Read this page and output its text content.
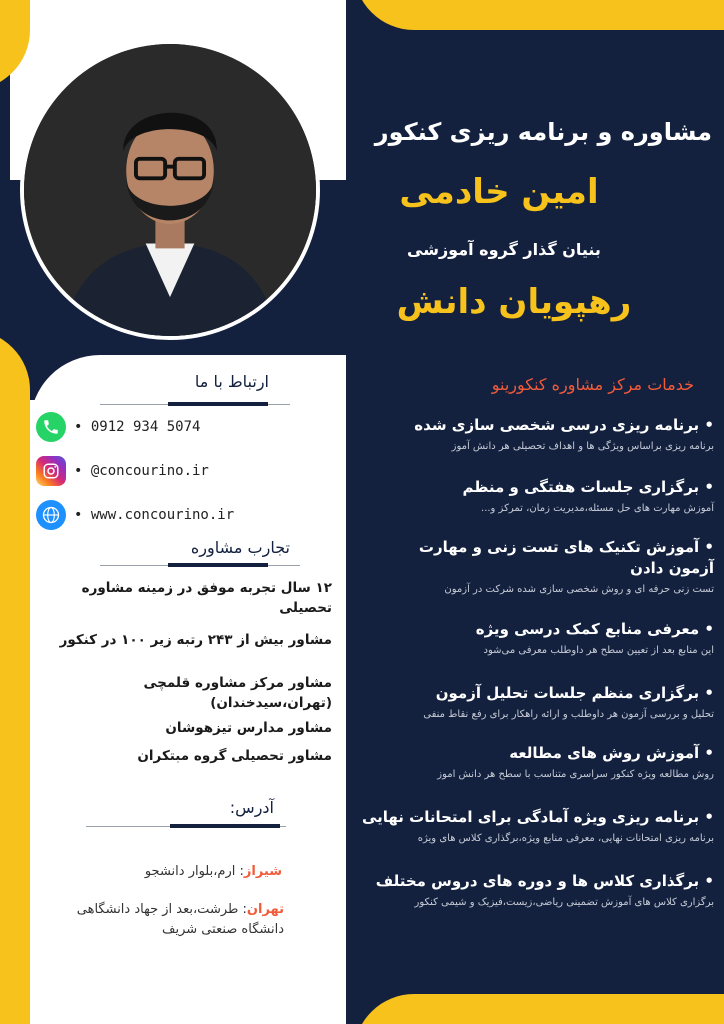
مشاوره و برنامه ریزی کنکور
امین خادمی
بنیان گذار گروه آموزشی
رهپویان دانش
خدمات مرکز مشاوره کنکورینو
• برنامه ریزی درسی شخصی سازی شده
برنامه ریزی براساس ویژگی ها و اهداف تحصیلی هر دانش آموز
• برگزاری جلسات هفتگی و منظم
آموزش مهارت های حل مسئله،مدیریت زمان، تمرکز و...
• آموزش تکنیک های تست زنی و مهارت آزمون دادن
تست زنی حرفه ای و روش شخصی سازی شده شرکت در آزمون
• معرفی منابع کمک درسی ویژه
این منابع بعد از تعیین سطح هر داوطلب معرفی می‌شود
• برگزاری منظم جلسات تحلیل آزمون
تحلیل و بررسی آزمون هر داوطلب و ارائه راهکار برای رفع نقاط منفی
• آموزش روش های مطالعه
روش مطالعه ویژه کنکور سراسری متناسب با سطح هر دانش اموز
• برنامه ریزی ویژه آمادگی برای امتحانات نهایی
برنامه ریزی امتحانات نهایی، معرفی منابع ویژه،برگذاری کلاس های ویژه
• برگذاری کلاس ها و دوره های دروس مختلف
برگزاری کلاس های آموزش تضمینی ریاضی،زیست،فیزیک و شیمی کنکور
ارتباط با ما
• 0912 934 5074
• @concourino.ir
• www.concourino.ir
تجارب مشاوره
۱۲ سال تجربه موفق در زمینه مشاوره تحصیلی
مشاور بیش از ۲۴۳ رتبه زیر ۱۰۰ در کنکور
مشاور مرکز مشاوره قلمچی (تهران،سیدخندان)
مشاور مدارس تیزهوشان
مشاور تحصیلی گروه مبتکران
آدرس:
شیراز: ارم،بلوار دانشجو
تهران: طرشت،بعد از جهاد دانشگاهی دانشگاه صنعتی شریف
